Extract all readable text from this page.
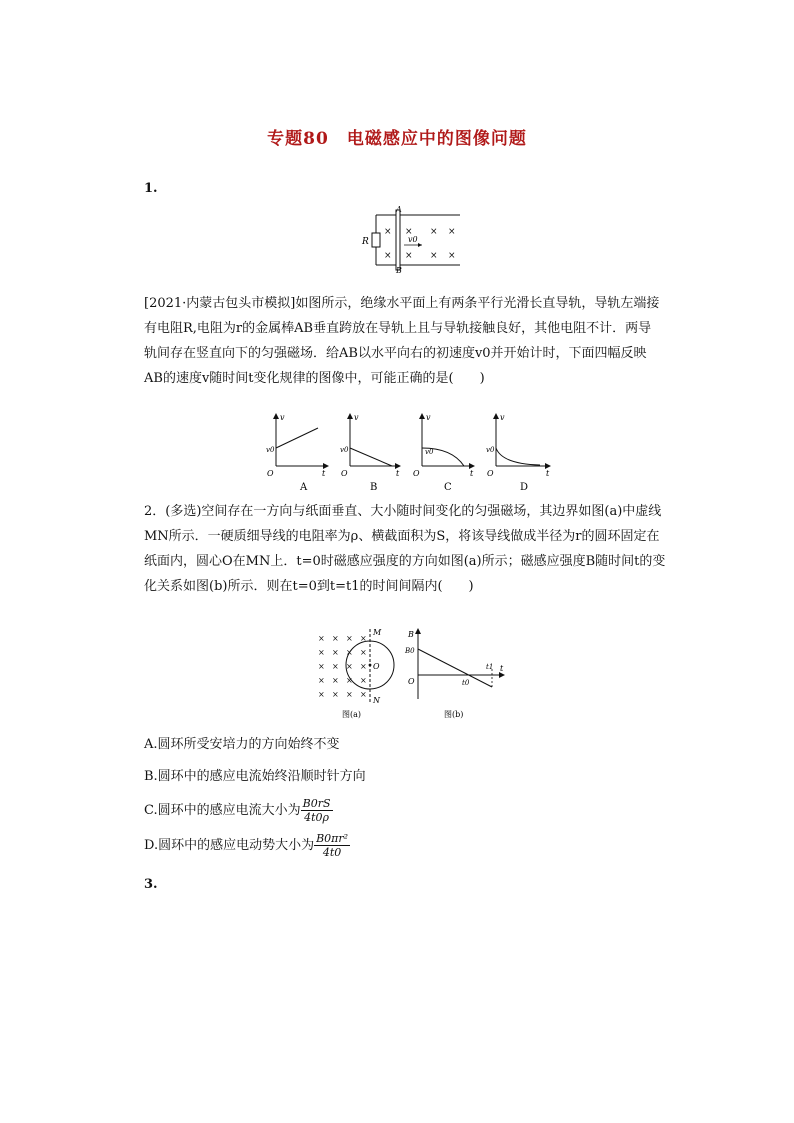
专题80　电磁感应中的图像问题
1.
×
×
×
×
×
×
×
×
v0
A
B
R
[2021·内蒙古包头市模拟]如图所示，绝缘水平面上有两条平行光滑长直导轨，导轨左端接有电阻R,电阻为r的金属棒AB垂直跨放在导轨上且与导轨接触良好，其他电阻不计．两导轨间存在竖直向下的匀强磁场．给AB以水平向右的初速度v0并开始计时，下面四幅反映AB的速度v随时间t变化规律的图像中，可能正确的是(　　)
v
t
O
v0
A
v
t
O
v0
B
v
t
O
v0
C
v
t
O
v0
D
2．(多选)空间存在一方向与纸面垂直、大小随时间变化的匀强磁场，其边界如图(a)中虚线MN所示．一硬质细导线的电阻率为ρ、横截面积为S，将该导线做成半径为r的圆环固定在纸面内，圆心O在MN上．t=0时磁感应强度的方向如图(a)所示；磁感应强度B随时间t的变化关系如图(b)所示．则在t=0到t=t1的时间间隔内(　　)
× × × ×
× × × ×
× × × ×
× × × ×
× × × ×
M
N
O
图(a)
B
B0
O
t
t0
t1
图(b)
A.圆环所受安培力的方向始终不变
B.圆环中的感应电流始终沿顺时针方向
C.圆环中的感应电流大小为 $\frac{B0rS}{4t0\rho}$
D.圆环中的感应电动势大小为 $\frac{\text{B0πr²}}{4t0}$
3.
